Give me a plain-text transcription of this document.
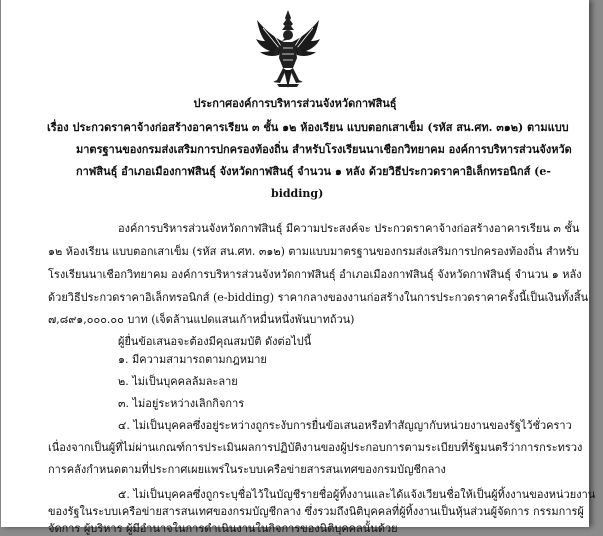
ประกาศองค์การบริหารส่วนจังหวัดกาฬสินธุ์
เรื่อง ประกวดราคาจ้างก่อสร้างอาคารเรียน ๓ ชั้น ๑๒ ห้องเรียน แบบตอกเสาเข็ม (รหัส สน.ศท. ๓๑๒) ตามแบบ
มาตรฐานของกรมส่งเสริมการปกครองท้องถิ่น สำหรับโรงเรียนนาเชือกวิทยาคม องค์การบริหารส่วนจังหวัด
กาฬสินธุ์ อำเภอเมืองกาฬสินธุ์ จังหวัดกาฬสินธุ์ จำนวน ๑ หลัง ด้วยวิธีประกวดราคาอิเล็กทรอนิกส์ (e-
bidding)
องค์การบริหารส่วนจังหวัดกาฬสินธุ์ มีความประสงค์จะ ประกวดราคาจ้างก่อสร้างอาคารเรียน ๓ ชั้น
๑๒ ห้องเรียน แบบตอกเสาเข็ม (รหัส สน.ศท. ๓๑๒) ตามแบบมาตรฐานของกรมส่งเสริมการปกครองท้องถิ่น สำหรับ
โรงเรียนนาเชือกวิทยาคม องค์การบริหารส่วนจังหวัดกาฬสินธุ์ อำเภอเมืองกาฬสินธุ์ จังหวัดกาฬสินธุ์ จำนวน ๑ หลัง
ด้วยวิธีประกวดราคาอิเล็กทรอนิกส์ (e-bidding) ราคากลางของงานก่อสร้างในการประกวดราคาครั้งนี้เป็นเงินทั้งสิ้น
๗,๘๙๑,๐๐๐.๐๐ บาท (เจ็ดล้านแปดแสนเก้าหมื่นหนึ่งพันบาทถ้วน)
ผู้ยื่นข้อเสนอจะต้องมีคุณสมบัติ ดังต่อไปนี้
๑. มีความสามารถตามกฎหมาย
๒. ไม่เป็นบุคคลล้มละลาย
๓. ไม่อยู่ระหว่างเลิกกิจการ
๔. ไม่เป็นบุคคลซึ่งอยู่ระหว่างถูกระงับการยื่นข้อเสนอหรือทำสัญญากับหน่วยงานของรัฐไว้ชั่วคราว
เนื่องจากเป็นผู้ที่ไม่ผ่านเกณฑ์การประเมินผลการปฏิบัติงานของผู้ประกอบการตามระเบียบที่รัฐมนตรีว่าการกระทรวง
การคลังกำหนดตามที่ประกาศเผยแพร่ในระบบเครือข่ายสารสนเทศของกรมบัญชีกลาง
๕. ไม่เป็นบุคคลซึ่งถูกระบุชื่อไว้ในบัญชีรายชื่อผู้ทิ้งงานและได้แจ้งเวียนชื่อให้เป็นผู้ทิ้งงานของหน่วยงาน
ของรัฐในระบบเครือข่ายสารสนเทศของกรมบัญชีกลาง ซึ่งรวมถึงนิติบุคคลที่ผู้ทิ้งงานเป็นหุ้นส่วนผู้จัดการ กรรมการผู้
จัดการ ผู้บริหาร ผู้มีอำนาจในการดำเนินงานในกิจการของนิติบุคคลนั้นด้วย
